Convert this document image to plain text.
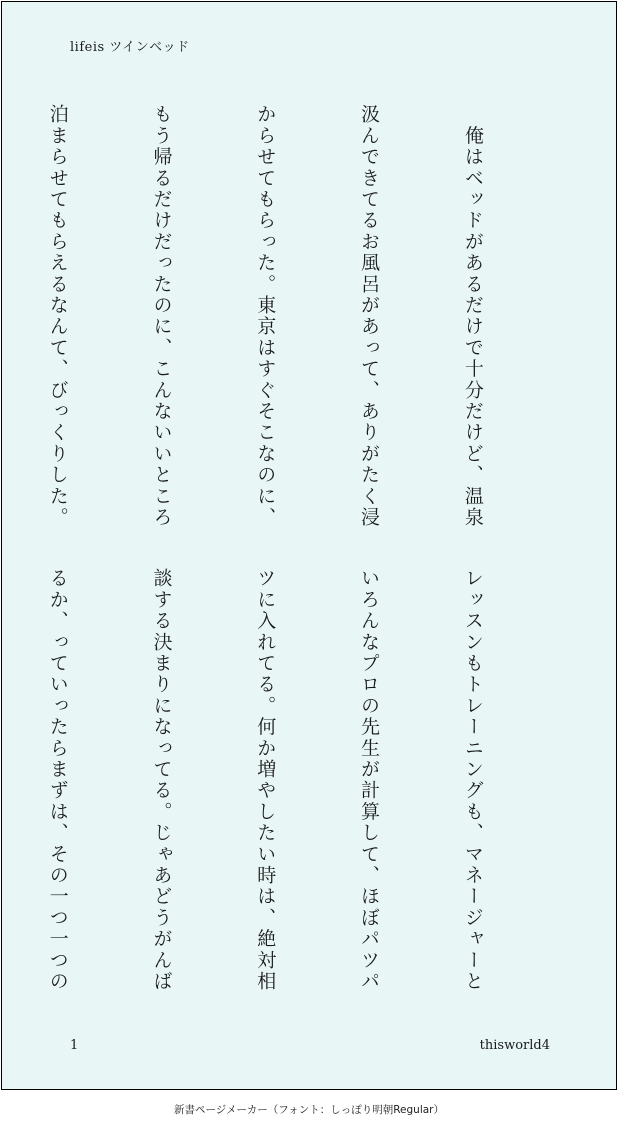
lifeis ツインベッド

　俺はベッドがあるだけで十分だけど、温泉

汲んできてるお風呂があって、ありがたく浸

からせてもらった。東京はすぐそこなのに、

もう帰るだけだったのに、こんないいところ

泊まらせてもらえるなんて、びっくりした。

レッスンもトレーニングも、マネージャーと

いろんなプロの先生が計算して、ほぼパツパ

ツに入れてる。何か増やしたい時は、絶対相

談する決まりになってる。じゃあどうがんば

るか、っていったらまずは、その一つ一つの

1	thisworld4
新書ページメーカー（フォント：しっぽり明朝Regular）
